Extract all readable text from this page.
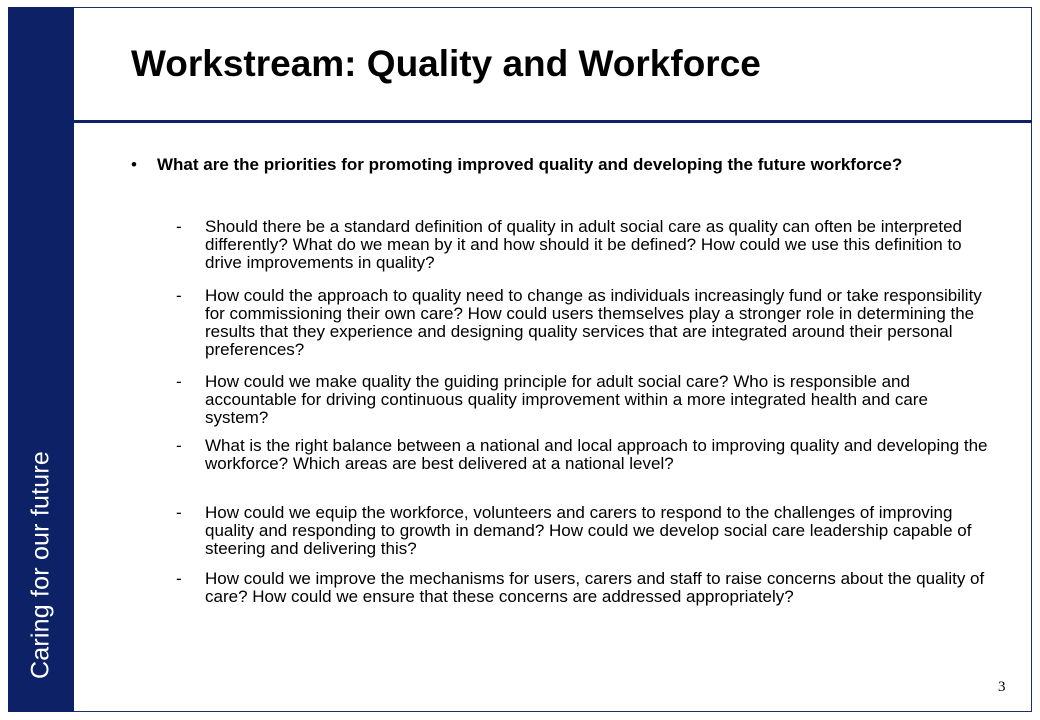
Caring for our future
Workstream: Quality and Workforce
• What are the priorities for promoting improved quality and developing the future workforce?

- Should there be a standard definition of quality in adult social care as quality can often be interpreted differently? What do we mean by it and how should it be defined? How could we use this definition to drive improvements in quality?

- How could the approach to quality need to change as individuals increasingly fund or take responsibility for commissioning their own care? How could users themselves play a stronger role in determining the results that they experience and designing quality services that are integrated around their personal preferences?

- How could we make quality the guiding principle for adult social care? Who is responsible and accountable for driving continuous quality improvement within a more integrated health and care system?

- What is the right balance between a national and local approach to improving quality and developing the workforce? Which areas are best delivered at a national level?

- How could we equip the workforce, volunteers and carers to respond to the challenges of improving quality and responding to growth in demand? How could we develop social care leadership capable of steering and delivering this?

- How could we improve the mechanisms for users, carers and staff to raise concerns about the quality of care? How could we ensure that these concerns are addressed appropriately?

3
